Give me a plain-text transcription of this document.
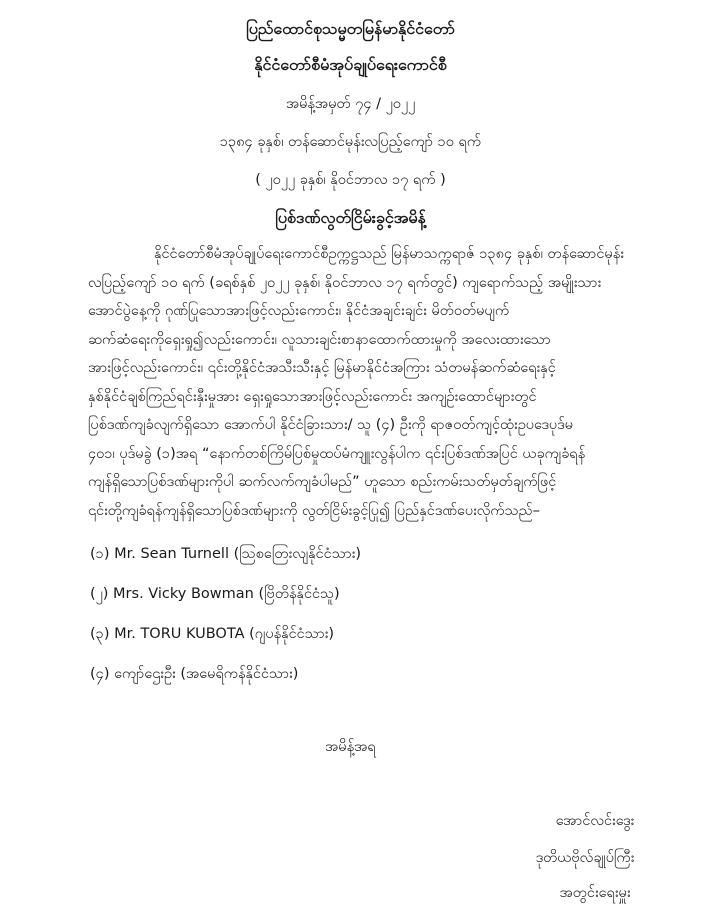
ပြည်ထောင်စုသမ္မတမြန်မာနိုင်ငံတော်
နိုင်ငံတော်စီမံအုပ်ချုပ်ရေးကောင်စီ
အမိန့်အမှတ် ၇၄ / ၂၀၂၂
၁၃၈၄ ခုနှစ်၊ တန်ဆောင်မုန်းလပြည့်ကျော် ၁၀ ရက်
( ၂၀၂၂ ခုနှစ်၊ နိုဝင်ဘာလ ၁၇ ရက် )
ပြစ်ဒဏ်လွတ်ငြိမ်းခွင့်အမိန့်
နိုင်ငံတော်စီမံအုပ်ချုပ်ရေးကောင်စီဥက္ကဋ္ဌသည် မြန်မာသက္ကရာဇ် ၁၃၈၄ ခုနှစ်၊ တန်ဆောင်မုန်း
လပြည့်ကျော် ၁၀ ရက် (ခရစ်နှစ် ၂၀၂၂ ခုနှစ်၊ နိုဝင်ဘာလ ၁၇ ရက်တွင်) ကျရောက်သည့် အမျိုးသား
အောင်ပွဲနေ့ကို ဂုဏ်ပြုသောအားဖြင့်လည်းကောင်း၊ နိုင်ငံအချင်းချင်း မိတ်ဝတ်မပျက်
ဆက်ဆံရေးကိုရှေးရှု၍လည်းကောင်း၊ လူသားချင်းစာနာထောက်ထားမှုကို အလေးထားသော
အားဖြင့်လည်းကောင်း၊ ၎င်းတို့နိုင်ငံအသီးသီးနှင့် မြန်မာနိုင်ငံအကြား သံတမန်ဆက်ဆံရေးနှင့်
နှစ်နိုင်ငံချစ်ကြည်ရင်းနှီးမှုအား ရှေးရှုသောအားဖြင့်လည်းကောင်း အကျဉ်းထောင်များတွင်
ပြစ်ဒဏ်ကျခံလျက်ရှိသော အောက်ပါ နိုင်ငံခြားသား/ သူ (၄) ဦးကို ရာဇဝတ်ကျင့်ထုံးဥပဒေပုဒ်မ
၄၀၁၊ ပုဒ်မခွဲ (၁)အရ “နောက်တစ်ကြိမ်ပြစ်မှုထပ်မံကျူးလွန်ပါက ၎င်းပြစ်ဒဏ်အပြင် ယခုကျခံရန်
ကျန်ရှိသောပြစ်ဒဏ်များကိုပါ ဆက်လက်ကျခံပါမည်” ဟူသော စည်းကမ်းသတ်မှတ်ချက်ဖြင့်
၎င်းတို့ကျခံရန်ကျန်ရှိသောပြစ်ဒဏ်များကို လွတ်ငြိမ်းခွင့်ပြု၍ ပြည်နှင်ဒဏ်ပေးလိုက်သည်–
(၁) Mr. Sean Turnell (ဩစတြေးလျနိုင်ငံသား)
(၂) Mrs. Vicky Bowman (ဗြိတိန်နိုင်ငံသူ)
(၃) Mr. TORU KUBOTA (ဂျပန်နိုင်ငံသား)
(၄) ကျော်ဌေးဦး (အမေရိကန်နိုင်ငံသား)
အမိန့်အရ
အောင်လင်းဒွေး
ဒုတိယဗိုလ်ချုပ်ကြီး
အတွင်းရေးမှူး
